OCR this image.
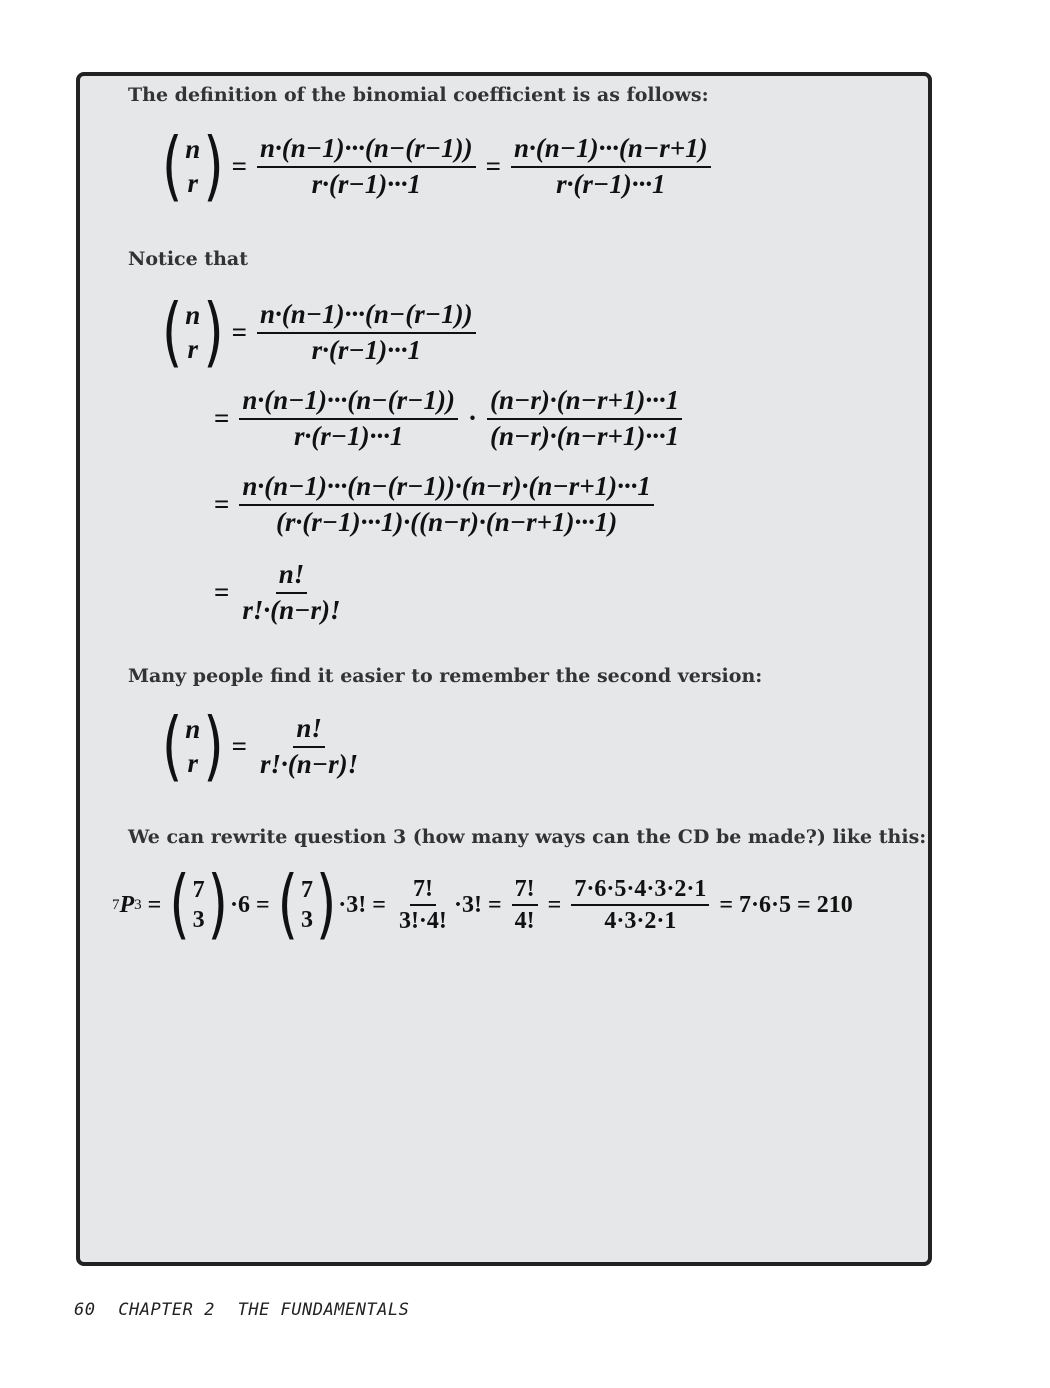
The definition of the binomial coefficient is as follows:
( n
r ) = $\frac{n\cdot(n-1)\cdot\cdot\cdot(n-(r-1))}{r\cdot(r-1)\cdot\cdot\cdot 1} = \frac{n\cdot(n-1)\cdot\cdot\cdot(n-r+1)}{r\cdot(r-1)\cdot\cdot\cdot 1}$
Notice that
( n
r ) = $\frac{n\cdot(n-1)\cdot\cdot\cdot(n-(r-1))}{r\cdot(r-1)\cdot\cdot\cdot 1}$
= $\frac{n\cdot(n-1)\cdot\cdot\cdot(n-(r-1))}{r\cdot(r-1)\cdot\cdot\cdot 1} \cdot \frac{(n-r)\cdot(n-r+1)\cdot\cdot\cdot 1}{(n-r)\cdot(n-r+1)\cdot\cdot\cdot 1}$
= $\frac{n\cdot(n-1)\cdot\cdot\cdot(n-(r-1))\cdot(n-r)\cdot(n-r+1)\cdot\cdot\cdot 1}{(r\cdot(r-1)\cdot\cdot\cdot 1)\cdot((n-r)\cdot(n-r+1)\cdot\cdot\cdot 1)}$
= $\frac{n!}{r!\cdot(n-r)!}$
Many people find it easier to remember the second version:
( n
r ) = $\frac{n!}{r!\cdot(n-r)!}$
We can rewrite question 3 (how many ways can the CD be made?) like this:
7 P 3 = ( 7
3 ) ·6 = ( 7
3 ) ·3! = $\frac{7!}{3!\cdot 4!} \cdot 3$! = $\frac{7!}{4!} = \frac{7\cdot 6\cdot 5\cdot 4\cdot 3\cdot 2\cdot 1}{4\cdot 3\cdot 2\cdot 1} = 7\cdot 6\cdot 5 = 210$
60 CHAPTER 2 THE FUNDAMENTALS
